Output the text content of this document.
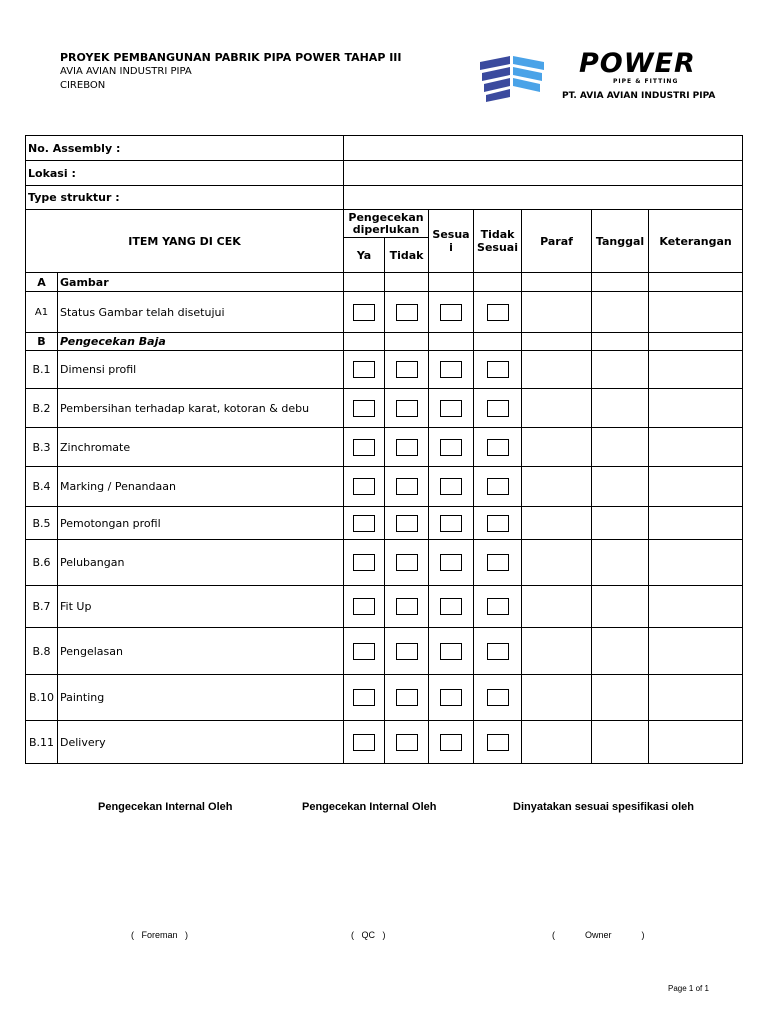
PROYEK PEMBANGUNAN PABRIK PIPA POWER TAHAP III
AVIA AVIAN INDUSTRI PIPA
CIREBON
POWER
PIPE & FITTING
PT. AVIA AVIAN INDUSTRI PIPA
No. Assembly :								
Lokasi :								
Type struktur :								
ITEM YANG DI CEK		Pengecekan diperlukan		Sesua i	Tidak Sesuai	Paraf	Tanggal	Keterangan
		Ya	Tidak					
A	Gambar							
A1	Status Gambar telah disetujui							
B	Pengecekan Baja							
B.1	Dimensi profil							
B.2	Pembersihan terhadap karat, kotoran & debu							
B.3	Zinchromate							
B.4	Marking / Penandaan							
B.5	Pemotongan profil							
B.6	Pelubangan							
B.7	Fit Up							
B.8	Pengelasan							
B.10	Painting							
B.11	Delivery							
Pengecekan Internal Oleh	Pengecekan Internal Oleh	Dinyatakan sesuai spesifikasi oleh
(   Foreman   )	(   QC   )	(            Owner            )
Page 1 of 1
